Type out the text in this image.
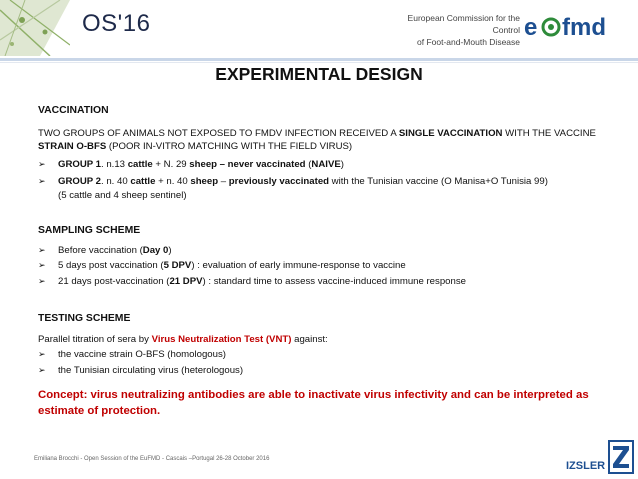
OS'16	European Commission for the Control
of Foot-and-Mouth Disease
e fmd
EXPERIMENTAL DESIGN

VACCINATION

TWO GROUPS OF ANIMALS NOT EXPOSED TO FMDV INFECTION RECEIVED A SINGLE VACCINATION WITH THE VACCINE STRAIN O-BFS (POOR IN-VITRO MATCHING WITH THE FIELD VIRUS)

➢	GROUP 1. n.13 cattle + N. 29 sheep – never vaccinated (NAIVE)
➢	GROUP 2. n. 40 cattle + n. 40 sheep – previously vaccinated with the Tunisian vaccine (O Manisa+O Tunisia 99)
(5 cattle and 4 sheep sentinel)

SAMPLING SCHEME

➢	Before vaccination (Day 0)
➢	5 days post vaccination (5 DPV) : evaluation of early immune-response to vaccine
➢	21 days post-vaccination (21 DPV) : standard time to assess vaccine-induced immune response

TESTING SCHEME

Parallel titration of sera by Virus Neutralization Test (VNT) against:

➢	the vaccine strain O-BFS (homologous)
➢	the Tunisian circulating virus (heterologous)

Concept: virus neutralizing antibodies are able to inactivate virus infectivity and can be interpreted as estimate of protection.

Emiliana Brocchi - Open Session of the EuFMD - Cascais –Portugal 26-28 October 2016
IZSLER
